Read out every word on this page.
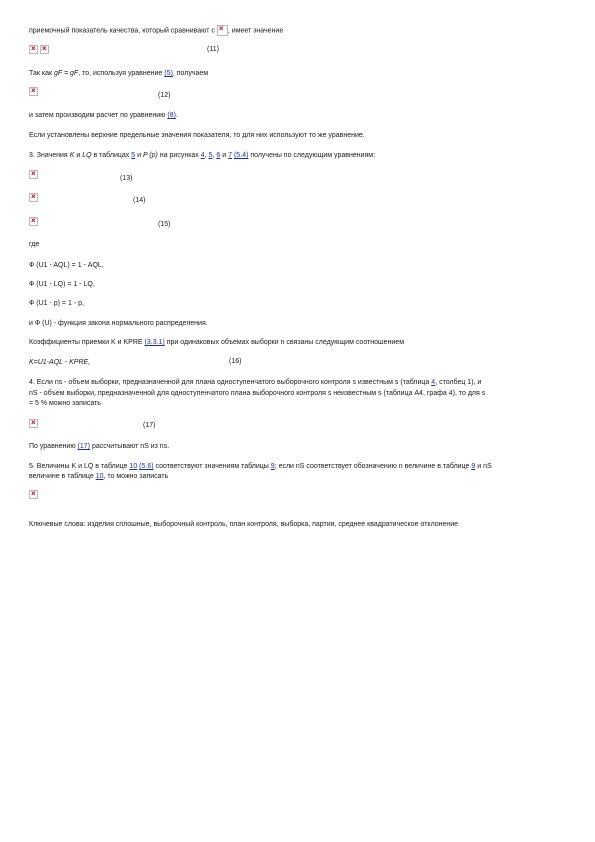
приемочный показатель качества, который сравнивают с × , имеет значение
×
×
(11)
Так как gF = gF, то, используя уравнение (5), получаем
×
(12)
и затем производим расчет по уравнению (8).
Если установлены верхние предельные значения показателя, то для них используют то же уравнение.
3. Значения K и LQ в таблицах 5 и P (p) на рисунках 4, 5, 6 и 7 (5.4) получены по следующим уравнениям:
×
(13)
×
(14)
×
(15)
где
Ф (U1 - AQL) = 1 - AQL,
Ф (U1 - LQ) = 1 - LQ,
Ф (U1 - p) = 1 - p,
и Ф (U) - функция закона нормального распределения.
Коэффициенты приемки K и KPRE (3.3.1) при одинаковых объемах выборки n связаны следующим соотношением
K=U1-AQL - KPRE,	(16)
4. Если ns - объем выборки, предназначенной для плана одноступенчатого выборочного контроля s известным s (таблица 4, столбец 1), и
nS - объем выборки, предназначенной для одноступенчатого плана выборочного контроля s неизвестным s (таблица A4, графа 4), то для s
= 5 % можно записать
×
(17)
По уравнению (17) рассчитывают nS из ns.
5. Величины K и LQ в таблице 10 (5.6) соответствуют значениям таблицы 9; если nS соответствует обозначению n величине в таблице 9 и nS
величине в таблице 10, то можно записать
×
Ключевые слова: изделия сплошные, выборочный контроль, план контроля, выборка, партия, среднее квадратическое отклонение
